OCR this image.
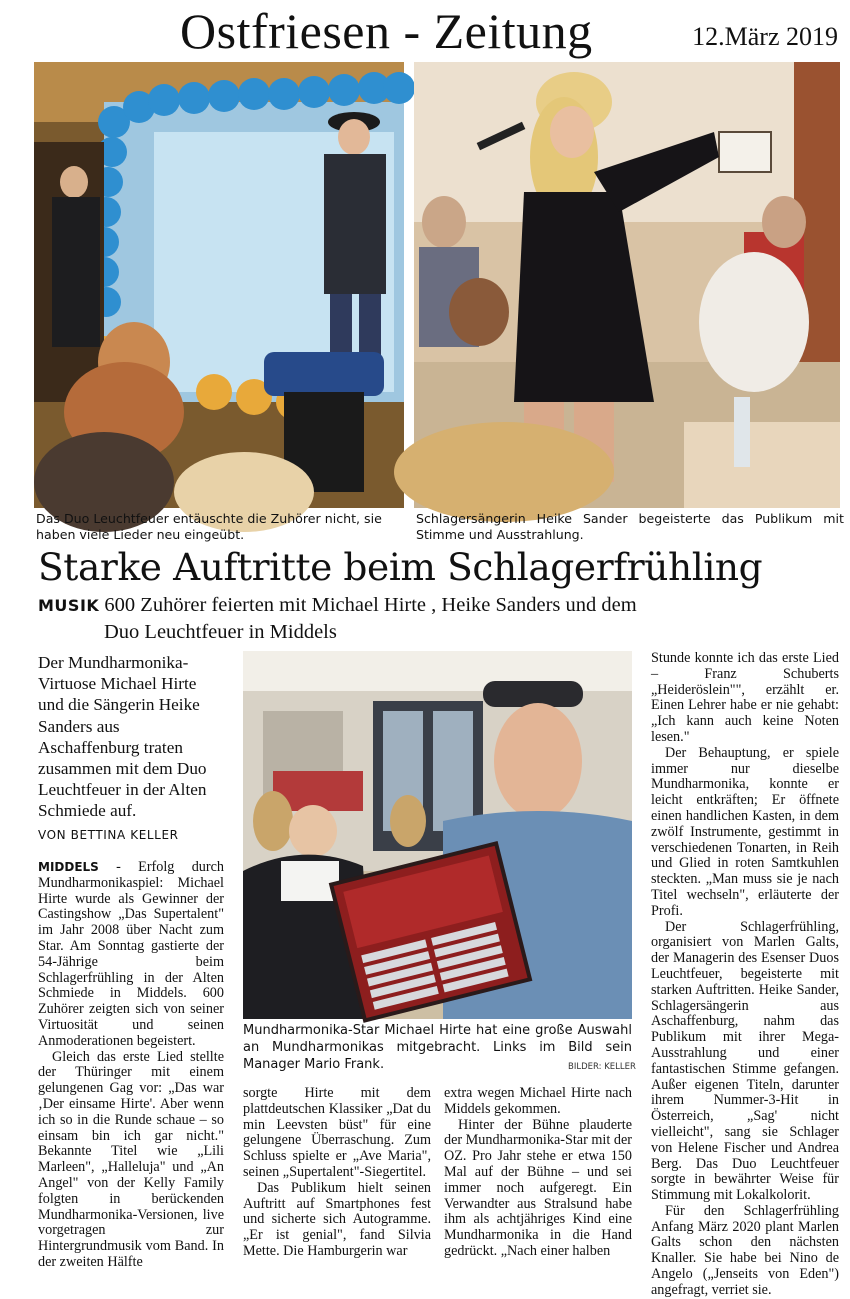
Ostfriesen - Zeitung	12.März 2019
Das Duo Leuchtfeuer entäuschte die Zuhörer nicht, sie haben viele Lieder neu eingeübt.
Schlagersängerin Heike Sander begeisterte das Publikum mit Stimme und Ausstrahlung.
Starke Auftritte beim Schlagerfrühling
MUSIK 600 Zuhörer feierten mit Michael Hirte , Heike Sanders und dem
Duo Leuchtfeuer in Middels
Der Mundharmonika-Virtuose Michael Hirte und die Sängerin Heike Sanders aus Aschaffenburg traten zusammen mit dem Duo Leuchtfeuer in der Alten Schmiede auf.
VON BETTINA KELLER

MIDDELS - Erfolg durch Mundharmonikaspiel: Michael Hirte wurde als Gewinner der Castingshow „Das Supertalent" im Jahr 2008 über Nacht zum Star. Am Sonntag gastierte der 54-Jährige beim Schlagerfrühling in der Alten Schmiede in Middels. 600 Zuhörer zeigten sich von seiner Virtuosität und seinen Anmoderationen begeistert.

Gleich das erste Lied stellte der Thüringer mit einem gelungenen Gag vor: „Das war ‚Der einsame Hirte'. Aber wenn ich so in die Runde schaue – so einsam bin ich gar nicht." Bekannte Titel wie „Lili Marleen", „Halleluja" und „An Angel" von der Kelly Family folgten in berückenden Mundharmonika-Versionen, live vorgetragen zur Hintergrundmusik vom Band. In der zweiten Hälfte

Mundharmonika-Star Michael Hirte hat eine große Auswahl an Mundharmonikas mitgebracht. Links im Bild sein Manager Mario Frank.	BILDER: KELLER

sorgte Hirte mit dem plattdeutschen Klassiker „Dat du min Leevsten büst" für eine gelungene Überraschung. Zum Schluss spielte er „Ave Maria", seinen „Supertalent"-Siegertitel.

Das Publikum hielt seinen Auftritt auf Smartphones fest und sicherte sich Autogramme. „Er ist genial", fand Silvia Mette. Die Hamburgerin war

extra wegen Michael Hirte nach Middels gekommen.

Hinter der Bühne plauderte der Mundharmonika-Star mit der OZ. Pro Jahr stehe er etwa 150 Mal auf der Bühne – und sei immer noch aufgeregt. Ein Verwandter aus Stralsund habe ihm als achtjähriges Kind eine Mundharmonika in die Hand gedrückt. „Nach einer halben

Stunde konnte ich das erste Lied – Franz Schuberts „Heideröslein"", erzählt er. Einen Lehrer habe er nie gehabt: „Ich kann auch keine Noten lesen."

Der Behauptung, er spiele immer nur dieselbe Mundharmonika, konnte er leicht entkräften; Er öffnete einen handlichen Kasten, in dem zwölf Instrumente, gestimmt in verschiedenen Tonarten, in Reih und Glied in roten Samtkuhlen steckten. „Man muss sie je nach Titel wechseln", erläuterte der Profi.

Der Schlagerfrühling, organisiert von Marlen Galts, der Managerin des Esenser Duos Leuchtfeuer, begeisterte mit starken Auftritten. Heike Sander, Schlagersängerin aus Aschaffenburg, nahm das Publikum mit ihrer Mega-Ausstrahlung und einer fantastischen Stimme gefangen. Außer eigenen Titeln, darunter ihrem Nummer-3-Hit in Österreich, „Sag' nicht vielleicht", sang sie Schlager von Helene Fischer und Andrea Berg. Das Duo Leuchtfeuer sorgte in bewährter Weise für Stimmung mit Lokalkolorit.

Für den Schlagerfrühling Anfang März 2020 plant Marlen Galts schon den nächsten Knaller. Sie habe bei Nino de Angelo („Jenseits von Eden") angefragt, verriet sie.
